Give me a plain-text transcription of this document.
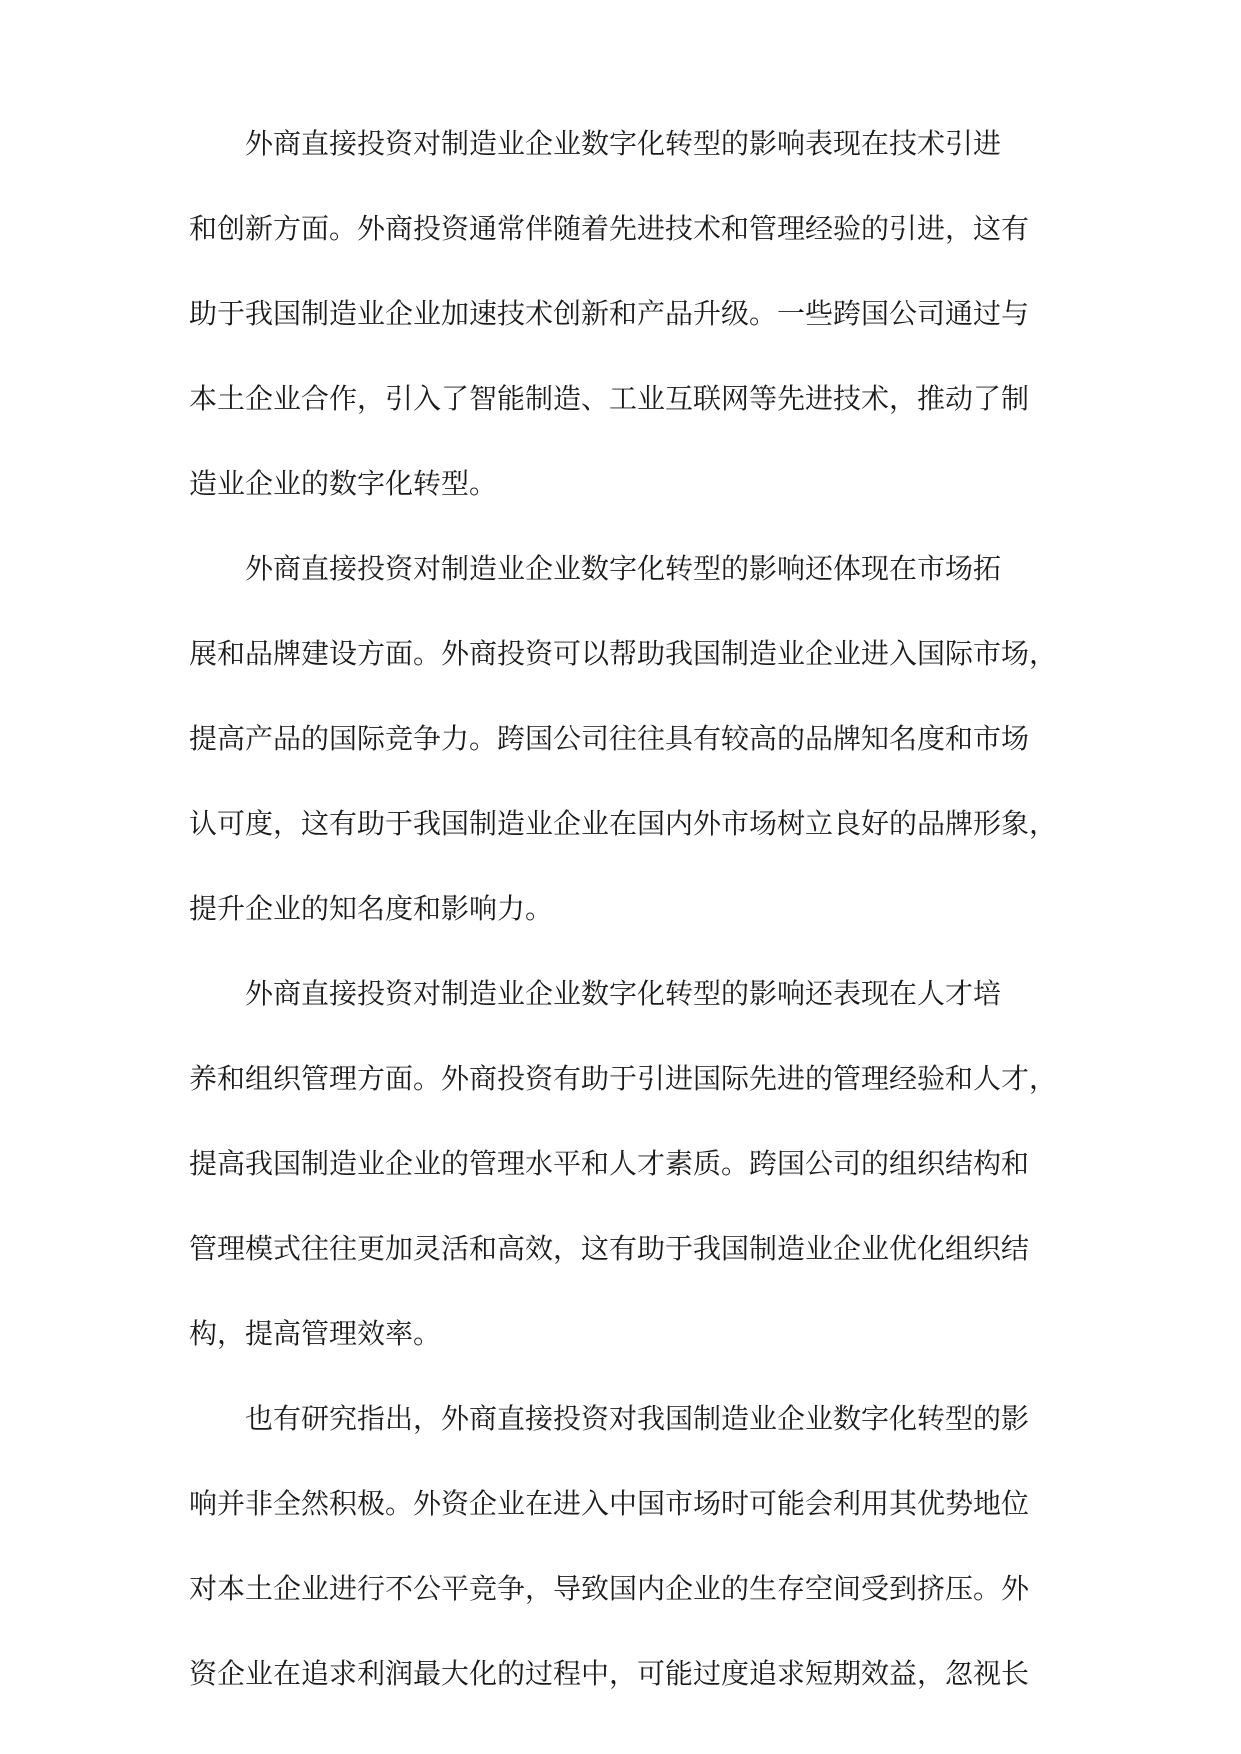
外商直接投资对制造业企业数字化转型的影响表现在技术引进
和创新方面。外商投资通常伴随着先进技术和管理经验的引进，这有
助于我国制造业企业加速技术创新和产品升级。一些跨国公司通过与
本土企业合作，引入了智能制造、工业互联网等先进技术，推动了制
造业企业的数字化转型。
外商直接投资对制造业企业数字化转型的影响还体现在市场拓
展和品牌建设方面。外商投资可以帮助我国制造业企业进入国际市场，
提高产品的国际竞争力。跨国公司往往具有较高的品牌知名度和市场
认可度，这有助于我国制造业企业在国内外市场树立良好的品牌形象，
提升企业的知名度和影响力。
外商直接投资对制造业企业数字化转型的影响还表现在人才培
养和组织管理方面。外商投资有助于引进国际先进的管理经验和人才，
提高我国制造业企业的管理水平和人才素质。跨国公司的组织结构和
管理模式往往更加灵活和高效，这有助于我国制造业企业优化组织结
构，提高管理效率。
也有研究指出，外商直接投资对我国制造业企业数字化转型的影
响并非全然积极。外资企业在进入中国市场时可能会利用其优势地位
对本土企业进行不公平竞争，导致国内企业的生存空间受到挤压。外
资企业在追求利润最大化的过程中，可能过度追求短期效益，忽视长
